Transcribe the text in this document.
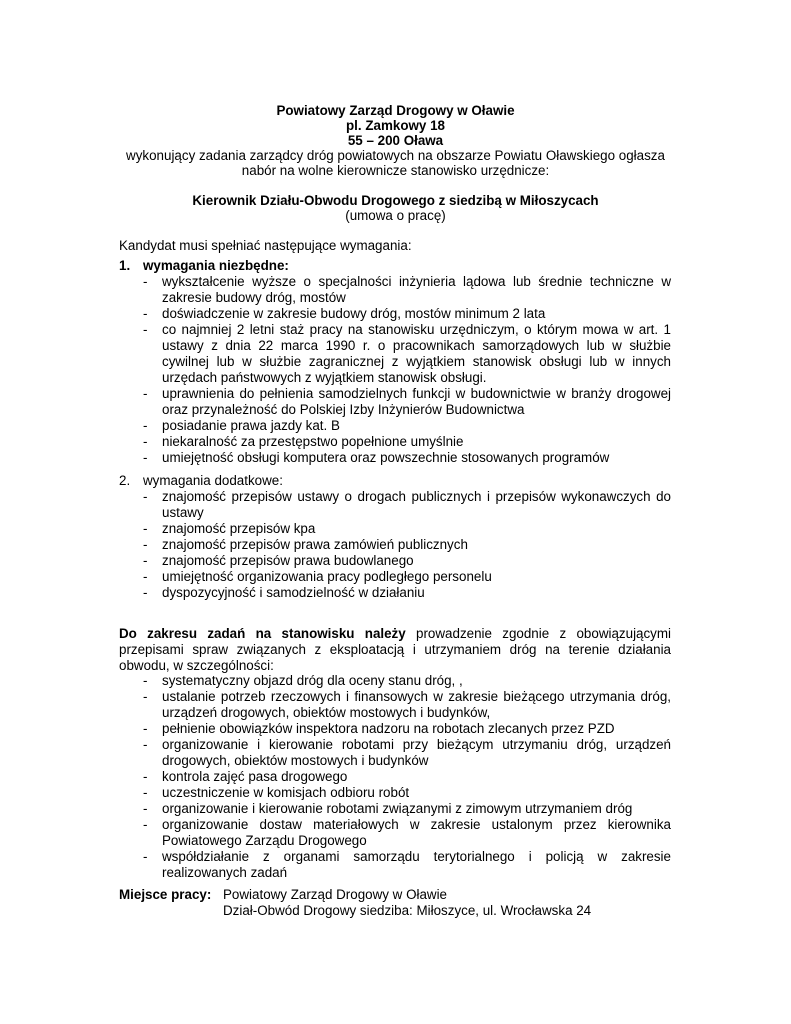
Powiatowy Zarząd Drogowy w Oławie
pl. Zamkowy 18
55 – 200 Oława
wykonujący zadania zarządcy dróg powiatowych na obszarze Powiatu Oławskiego ogłasza
nabór na wolne kierownicze stanowisko urzędnicze:
Kierownik Działu-Obwodu Drogowego z siedzibą w Miłoszycach
(umowa o pracę)
Kandydat musi spełniać następujące wymagania:
1. wymagania niezbędne:
- wykształcenie wyższe o specjalności inżynieria lądowa lub średnie techniczne w zakresie budowy dróg, mostów
- doświadczenie w zakresie budowy dróg, mostów minimum 2 lata
- co najmniej 2 letni staż pracy na stanowisku urzędniczym, o którym mowa w art. 1 ustawy z dnia 22 marca 1990 r. o pracownikach samorządowych lub w służbie cywilnej lub w służbie zagranicznej z wyjątkiem stanowisk obsługi lub w innych urzędach państwowych z wyjątkiem stanowisk obsługi.
- uprawnienia do pełnienia samodzielnych funkcji w budownictwie w branży drogowej oraz przynależność do Polskiej Izby Inżynierów Budownictwa
- posiadanie prawa jazdy kat. B
- niekaralność za przestępstwo popełnione umyślnie
- umiejętność obsługi komputera oraz powszechnie stosowanych programów
2. wymagania dodatkowe:
- znajomość przepisów ustawy o drogach publicznych i przepisów wykonawczych do ustawy
- znajomość przepisów kpa
- znajomość przepisów prawa zamówień publicznych
- znajomość przepisów prawa budowlanego
- umiejętność organizowania pracy podległego personelu
- dyspozycyjność i samodzielność w działaniu
Do zakresu zadań na stanowisku należy prowadzenie zgodnie z obowiązującymi przepisami spraw związanych z eksploatacją i utrzymaniem dróg na terenie działania obwodu, w szczególności:
- systematyczny objazd dróg dla oceny stanu dróg, ,
- ustalanie potrzeb rzeczowych i finansowych w zakresie bieżącego utrzymania dróg, urządzeń drogowych, obiektów mostowych i budynków,
- pełnienie obowiązków inspektora nadzoru na robotach zlecanych przez PZD
- organizowanie i kierowanie robotami przy bieżącym utrzymaniu dróg, urządzeń drogowych, obiektów mostowych i budynków
- kontrola zajęć pasa drogowego
- uczestniczenie w komisjach odbioru robót
- organizowanie i kierowanie robotami związanymi z zimowym utrzymaniem dróg
- organizowanie dostaw materiałowych w zakresie ustalonym przez kierownika Powiatowego Zarządu Drogowego
- współdziałanie z organami samorządu terytorialnego i policją w zakresie realizowanych zadań
Miejsce pracy: Powiatowy Zarząd Drogowy w Oławie
Dział-Obwód Drogowy siedziba: Miłoszyce, ul. Wrocławska 24
